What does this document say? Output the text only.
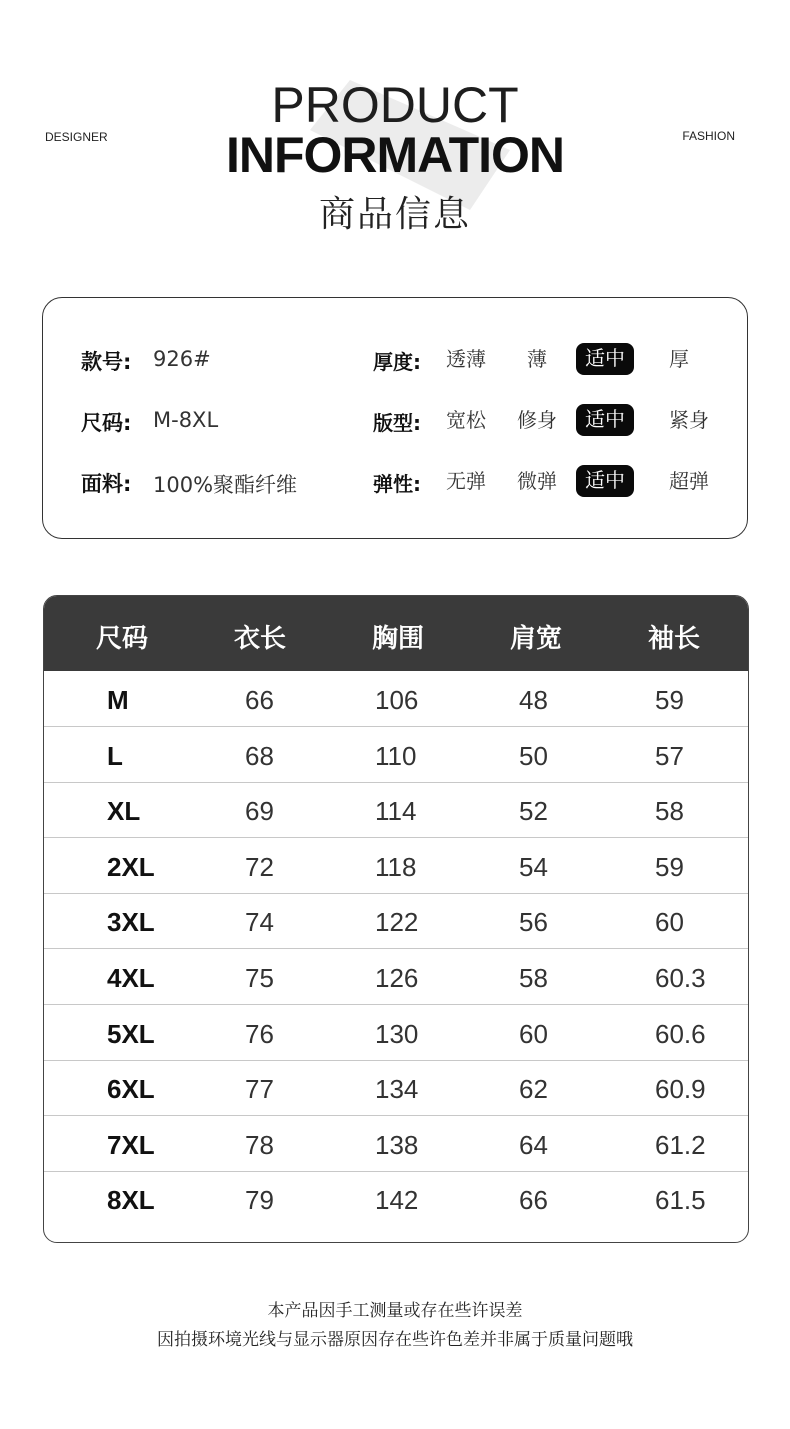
DESIGNER	FASHION
PRODUCT
INFORMATION
商品信息
款号: 926#	厚度:	透薄	薄	适中	厚
尺码: M-8XL	版型:	宽松	修身	适中	紧身
面料: 100%聚酯纤维	弹性:	无弹	微弹	适中	超弹
尺码	衣长	胸围	肩宽	袖长
M	66	106	48	59
L	68	110	50	57
XL	69	114	52	58
2XL	72	118	54	59
3XL	74	122	56	60
4XL	75	126	58	60.3
5XL	76	130	60	60.6
6XL	77	134	62	60.9
7XL	78	138	64	61.2
8XL	79	142	66	61.5
本产品因手工测量或存在些许误差
因拍摄环境光线与显示器原因存在些许色差并非属于质量问题哦
